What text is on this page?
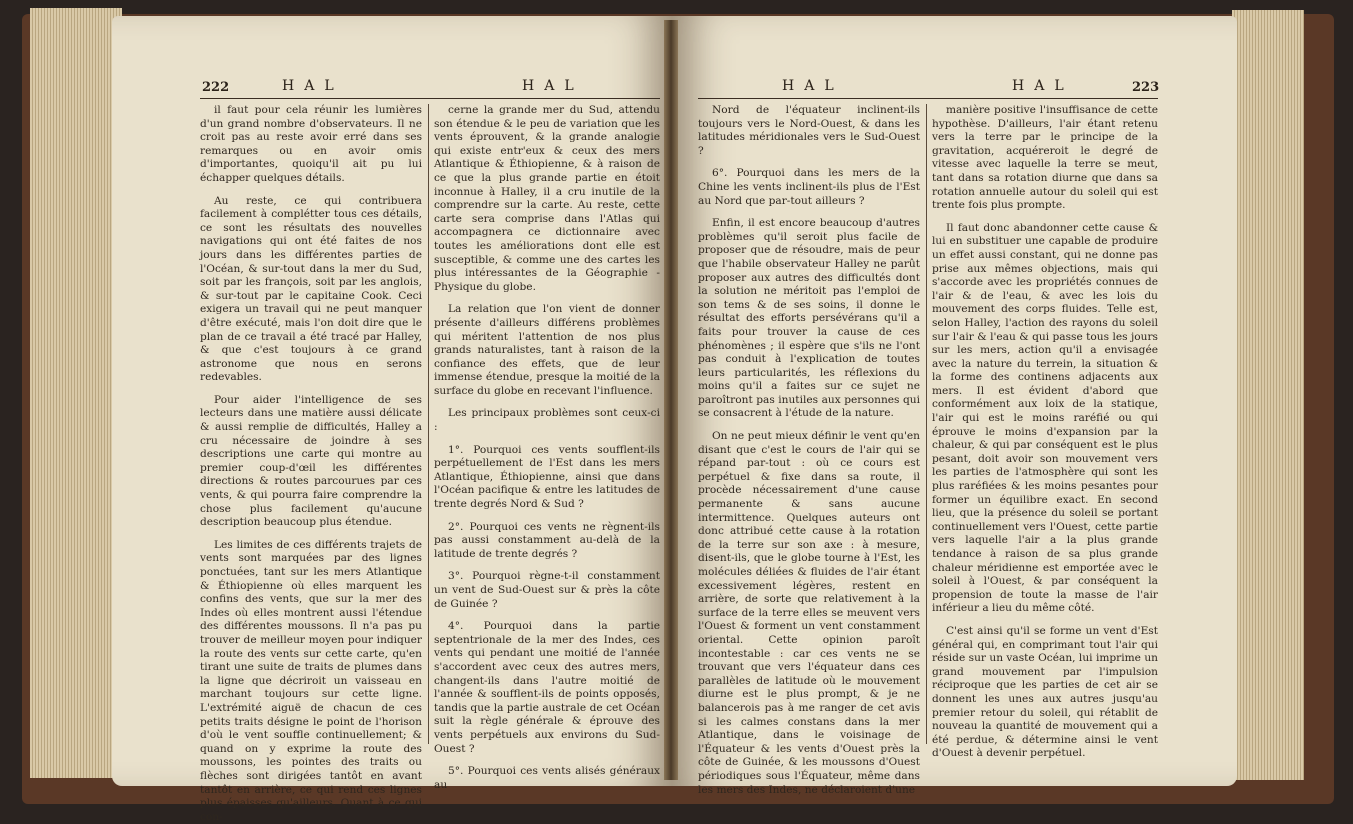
222	HAL	HAL

il faut pour cela réunir les lumières d'un grand nombre d'observateurs. Il ne croit pas au reste avoir erré dans ses remarques ou en avoir omis d'importantes, quoiqu'il ait pu lui échapper quelques détails.

Au reste, ce qui contribuera facilement à complétter tous ces détails, ce sont les résultats des nouvelles navigations qui ont été faites de nos jours dans les différentes parties de l'Océan, & sur-tout dans la mer du Sud, soit par les françois, soit par les anglois, & sur-tout par le capitaine Cook. Ceci exigera un travail qui ne peut manquer d'être exécuté, mais l'on doit dire que le plan de ce travail a été tracé par Halley, & que c'est toujours à ce grand astronome que nous en serons redevables.

Pour aider l'intelligence de ses lecteurs dans une matière aussi délicate & aussi remplie de difficultés, Halley a cru nécessaire de joindre à ses descriptions une carte qui montre au premier coup-d'œil les différentes directions & routes parcourues par ces vents, & qui pourra faire comprendre la chose plus facilement qu'aucune description beaucoup plus étendue.

Les limites de ces différents trajets de vents sont marquées par des lignes ponctuées, tant sur les mers Atlantique & Éthiopienne où elles marquent les confins des vents, que sur la mer des Indes où elles montrent aussi l'étendue des différentes moussons. Il n'a pas pu trouver de meilleur moyen pour indiquer la route des vents sur cette carte, qu'en tirant une suite de traits de plumes dans la ligne que décriroit un vaisseau en marchant toujours sur cette ligne. L'extrémité aiguë de chacun de ces petits traits désigne le point de l'horison d'où le vent souffle continuellement; & quand on y exprime la route des moussons, les pointes des traits ou flèches sont dirigées tantôt en avant tantôt en arrière, ce qui rend ces lignes plus épaisses qu'ailleurs. Quant à ce qui con-

cerne la grande mer du Sud, attendu son étendue & le peu de variation que les vents éprouvent, & la grande analogie qui existe entr'eux & ceux des mers Atlantique & Éthiopienne, & à raison de ce que la plus grande partie en étoit inconnue à Halley, il a cru inutile de la comprendre sur la carte. Au reste, cette carte sera comprise dans l'Atlas qui accompagnera ce dictionnaire avec toutes les améliorations dont elle est susceptible, & comme une des cartes les plus intéressantes de la Géographie - Physique du globe.

La relation que l'on vient de donner présente d'ailleurs différens problèmes qui méritent l'attention de nos plus grands naturalistes, tant à raison de la confiance des effets, que de leur immense étendue, presque la moitié de la surface du globe en recevant l'influence.

Les principaux problèmes sont ceux-ci :

1°. Pourquoi ces vents soufflent-ils perpétuellement de l'Est dans les mers Atlantique, Éthiopienne, ainsi que dans l'Océan pacifique & entre les latitudes de trente degrés Nord & Sud ?

2°. Pourquoi ces vents ne règnent-ils pas aussi constamment au-delà de la latitude de trente degrés ?

3°. Pourquoi règne-t-il constamment un vent de Sud-Ouest sur & près la côte de Guinée ?

4°. Pourquoi dans la partie septentrionale de la mer des Indes, ces vents qui pendant une moitié de l'année s'accordent avec ceux des autres mers, changent-ils dans l'autre moitié de l'année & soufflent-ils de points opposés, tandis que la partie australe de cet Océan suit la règle générale & éprouve des vents perpétuels aux environs du Sud-Ouest ?

5°. Pourquoi ces vents alisés généraux au

HAL	HAL	223

Nord de l'équateur inclinent-ils toujours vers le Nord-Ouest, & dans les latitudes méridionales vers le Sud-Ouest ?

6°. Pourquoi dans les mers de la Chine les vents inclinent-ils plus de l'Est au Nord que par-tout ailleurs ?

Enfin, il est encore beaucoup d'autres problèmes qu'il seroit plus facile de proposer que de résoudre, mais de peur que l'habile observateur Halley ne parût proposer aux autres des difficultés dont la solution ne méritoit pas l'emploi de son tems & de ses soins, il donne le résultat des efforts persévérans qu'il a faits pour trouver la cause de ces phénomènes ; il espère que s'ils ne l'ont pas conduit à l'explication de toutes leurs particularités, les réflexions du moins qu'il a faites sur ce sujet ne paroîtront pas inutiles aux personnes qui se consacrent à l'étude de la nature.

On ne peut mieux définir le vent qu'en disant que c'est le cours de l'air qui se répand par-tout : où ce cours est perpétuel & fixe dans sa route, il procède nécessairement d'une cause permanente & sans aucune intermittence. Quelques auteurs ont donc attribué cette cause à la rotation de la terre sur son axe : à mesure, disent-ils, que le globe tourne à l'Est, les molécules déliées & fluides de l'air étant excessivement légères, restent en arrière, de sorte que relativement à la surface de la terre elles se meuvent vers l'Ouest & forment un vent constamment oriental. Cette opinion paroît incontestable : car ces vents ne se trouvant que vers l'équateur dans ces parallèles de latitude où le mouvement diurne est le plus prompt, & je ne balancerois pas à me ranger de cet avis si les calmes constans dans la mer Atlantique, dans le voisinage de l'Équateur & les vents d'Ouest près la côte de Guinée, & les moussons d'Ouest périodiques sous l'Équateur, même dans les mers des Indes, ne déclaroient d'une

manière positive l'insuffisance de cette hypothèse. D'ailleurs, l'air étant retenu vers la terre par le principe de la gravitation, acquéreroit le degré de vitesse avec laquelle la terre se meut, tant dans sa rotation diurne que dans sa rotation annuelle autour du soleil qui est trente fois plus prompte.

Il faut donc abandonner cette cause & lui en substituer une capable de produire un effet aussi constant, qui ne donne pas prise aux mêmes objections, mais qui s'accorde avec les propriétés connues de l'air & de l'eau, & avec les lois du mouvement des corps fluides. Telle est, selon Halley, l'action des rayons du soleil sur l'air & l'eau & qui passe tous les jours sur les mers, action qu'il a envisagée avec la nature du terrein, la situation & la forme des continens adjacents aux mers. Il est évident d'abord que conformément aux loix de la statique, l'air qui est le moins raréfié ou qui éprouve le moins d'expansion par la chaleur, & qui par conséquent est le plus pesant, doit avoir son mouvement vers les parties de l'atmosphère qui sont les plus raréfiées & les moins pesantes pour former un équilibre exact. En second lieu, que la présence du soleil se portant continuellement vers l'Ouest, cette partie vers laquelle l'air a la plus grande tendance à raison de sa plus grande chaleur méridienne est emportée avec le soleil à l'Ouest, & par conséquent la propension de toute la masse de l'air inférieur a lieu du même côté.

C'est ainsi qu'il se forme un vent d'Est général qui, en comprimant tout l'air qui réside sur un vaste Océan, lui imprime un grand mouvement par l'impulsion réciproque que les parties de cet air se donnent les unes aux autres jusqu'au premier retour du soleil, qui rétablit de nouveau la quantité de mouvement qui a été perdue, & détermine ainsi le vent d'Ouest à devenir perpétuel.
